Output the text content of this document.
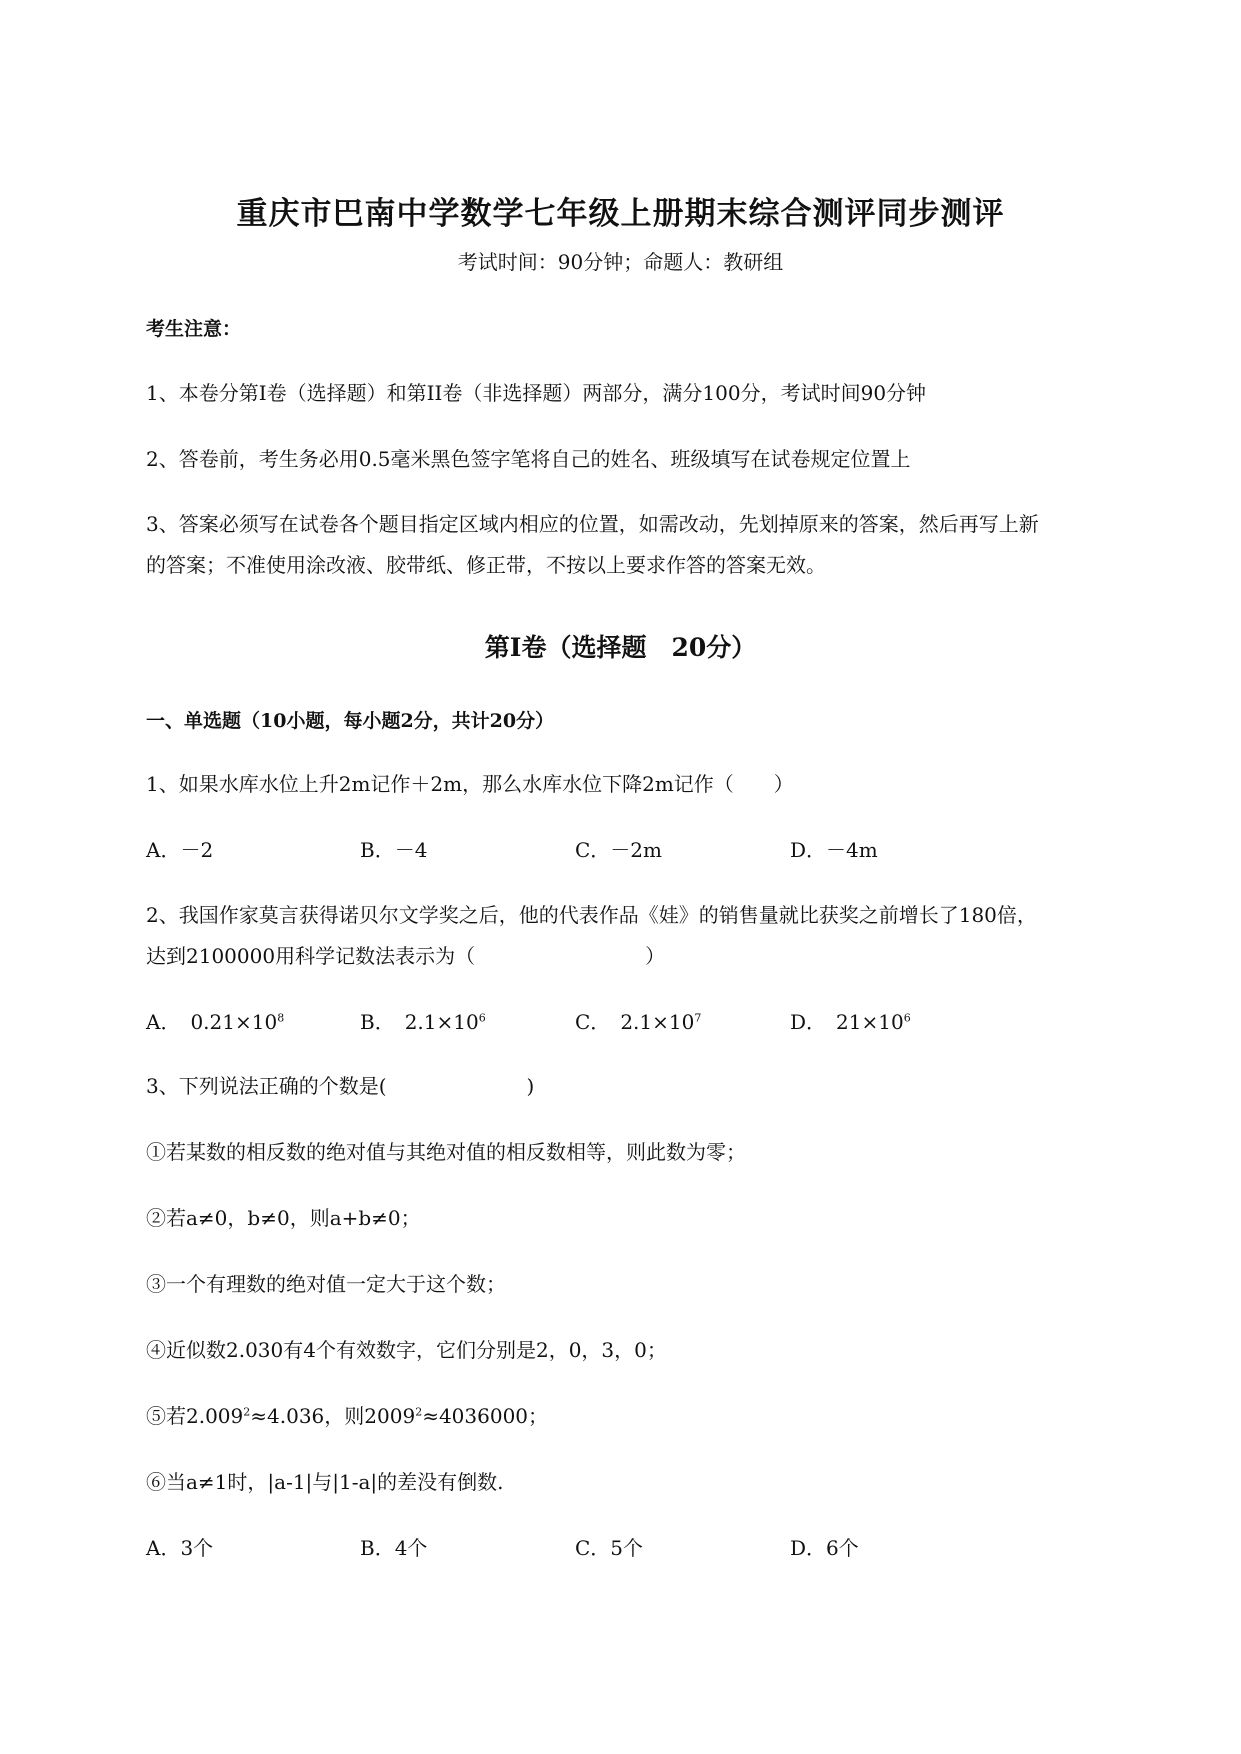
重庆市巴南中学数学七年级上册期末综合测评同步测评
考试时间：90分钟；命题人：教研组
考生注意：
1、本卷分第I卷（选择题）和第II卷（非选择题）两部分，满分100分，考试时间90分钟
2、答卷前，考生务必用0.5毫米黑色签字笔将自己的姓名、班级填写在试卷规定位置上
3、答案必须写在试卷各个题目指定区域内相应的位置，如需改动，先划掉原来的答案，然后再写上新
的答案；不准使用涂改液、胶带纸、修正带，不按以上要求作答的答案无效。
第I卷（选择题　20分）
一、单选题（10小题，每小题2分，共计20分）
1、如果水库水位上升2m记作＋2m，那么水库水位下降2m记作（　　）
A．－2	B．－4	C．－2m	D．－4m
2、我国作家莫言获得诺贝尔文学奖之后，他的代表作品《娃》的销售量就比获奖之前增长了180倍，
达到2100000用科学记数法表示为（	）
A． $0.21\times 10^8$	B． $2.1\times 10^6$	C． $2.1\times 10^7$	D． $21\times 10^6$
3、下列说法正确的个数是(	)
①若某数的相反数的绝对值与其绝对值的相反数相等，则此数为零；
②若a≠0，b≠0，则a+b≠0；
③一个有理数的绝对值一定大于这个数；
④近似数2.030有4个有效数字，它们分别是2，0，3，0；
⑤若$2.009^2\approx 4.036$，则$2009^2\approx 4036000$；
⑥当a≠1时，|a-1|与|1-a|的差没有倒数.
A．3个	B．4个	C．5个	D．6个
